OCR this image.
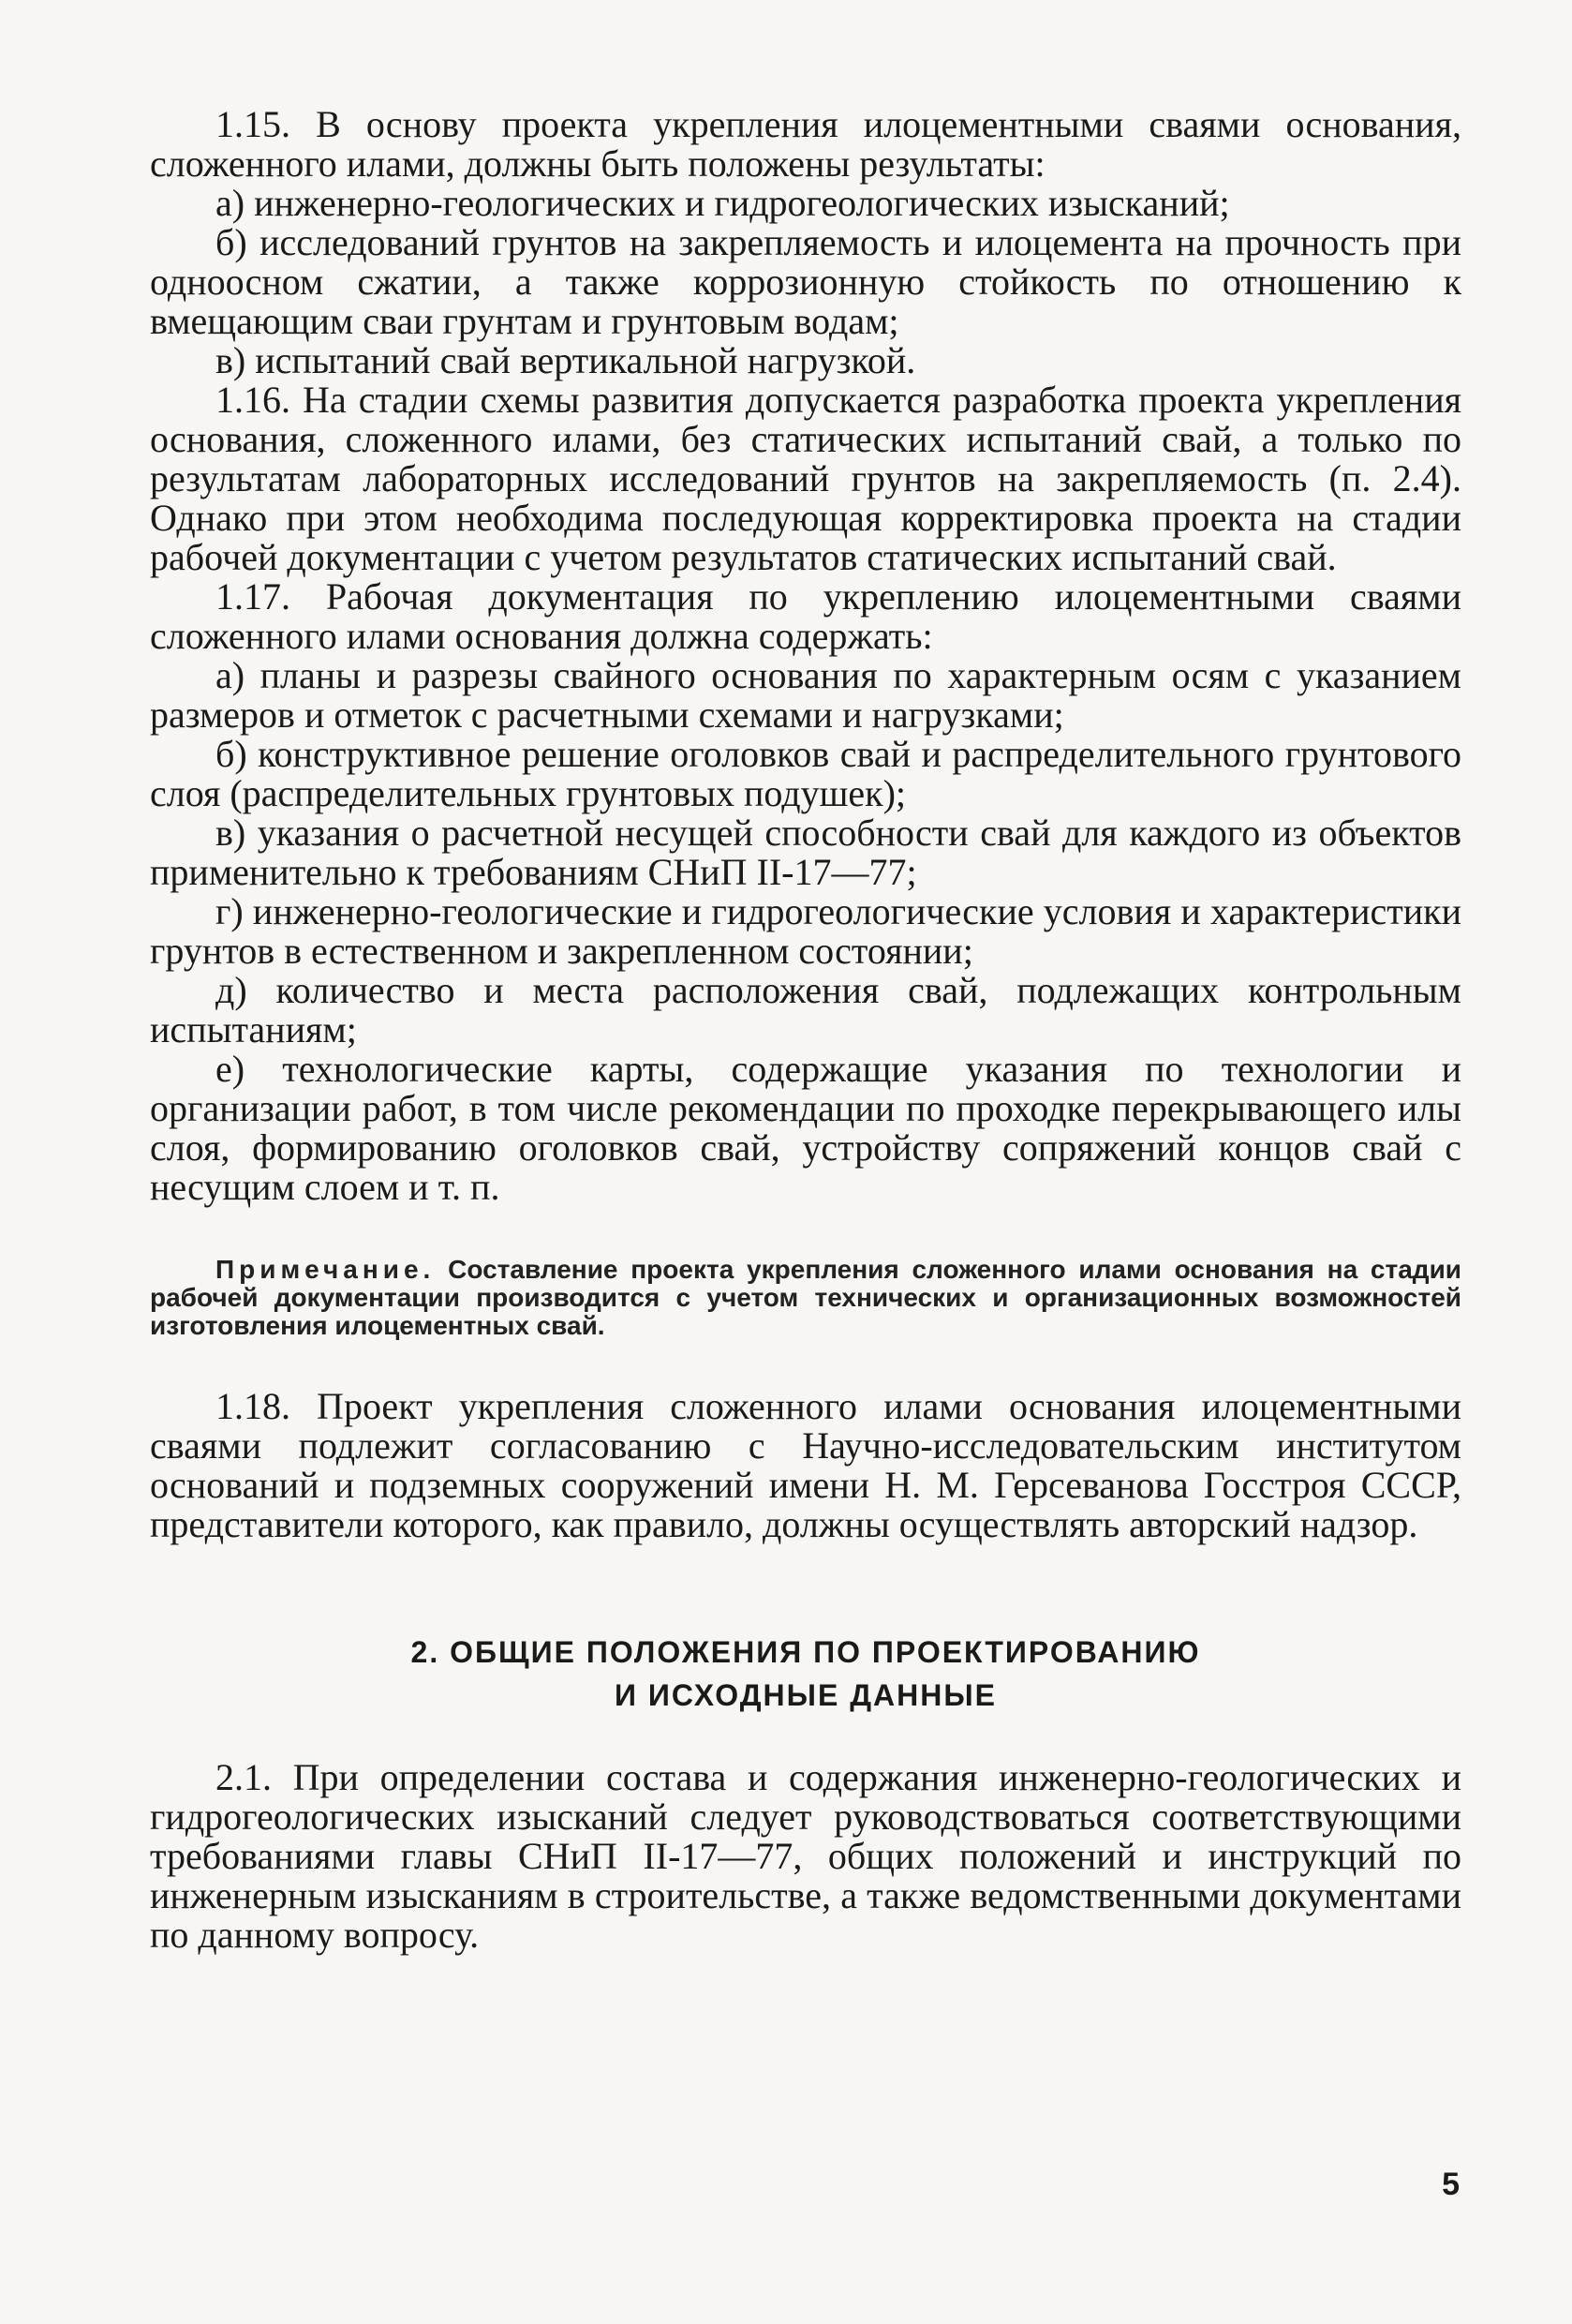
1.15. В основу проекта укрепления илоцементными сваями основания, сложенного илами, должны быть положены результаты:

а) инженерно-геологических и гидрогеологических изысканий;

б) исследований грунтов на закрепляемость и илоцемента на прочность при одноосном сжатии, а также коррозионную стойкость по отношению к вмещающим сваи грунтам и грунтовым водам;

в) испытаний свай вертикальной нагрузкой.

1.16. На стадии схемы развития допускается разработка проекта укрепления основания, сложенного илами, без статических испытаний свай, а только по результатам лабораторных исследований грунтов на закрепляемость (п. 2.4). Однако при этом необходима последующая корректировка проекта на стадии рабочей документации с учетом результатов статических испытаний свай.

1.17. Рабочая документация по укреплению илоцементными сваями сложенного илами основания должна содержать:

а) планы и разрезы свайного основания по характерным осям с указанием размеров и отметок с расчетными схемами и нагрузками;

б) конструктивное решение оголовков свай и распределительного грунтового слоя (распределительных грунтовых подушек);

в) указания о расчетной несущей способности свай для каждого из объектов применительно к требованиям СНиП II-17—77;

г) инженерно-геологические и гидрогеологические условия и характеристики грунтов в естественном и закрепленном состоянии;

д) количество и места расположения свай, подлежащих контрольным испытаниям;

е) технологические карты, содержащие указания по технологии и организации работ, в том числе рекомендации по проходке перекрывающего илы слоя, формированию оголовков свай, устройству сопряжений концов свай с несущим слоем и т. п.

Примечание. Составление проекта укрепления сложенного илами основания на стадии рабочей документации производится с учетом технических и организационных возможностей изготовления илоцементных свай.

1.18. Проект укрепления сложенного илами основания илоцементными сваями подлежит согласованию с Научно-исследовательским институтом оснований и подземных сооружений имени Н. М. Герсеванова Госстроя СССР, представители которого, как правило, должны осуществлять авторский надзор.

2. ОБЩИЕ ПОЛОЖЕНИЯ ПО ПРОЕКТИРОВАНИЮ
И ИСХОДНЫЕ ДАННЫЕ

2.1. При определении состава и содержания инженерно-геологических и гидрогеологических изысканий следует руководствоваться соответствующими требованиями главы СНиП II-17—77, общих положений и инструкций по инженерным изысканиям в строительстве, а также ведомственными документами по данному вопросу.

5
